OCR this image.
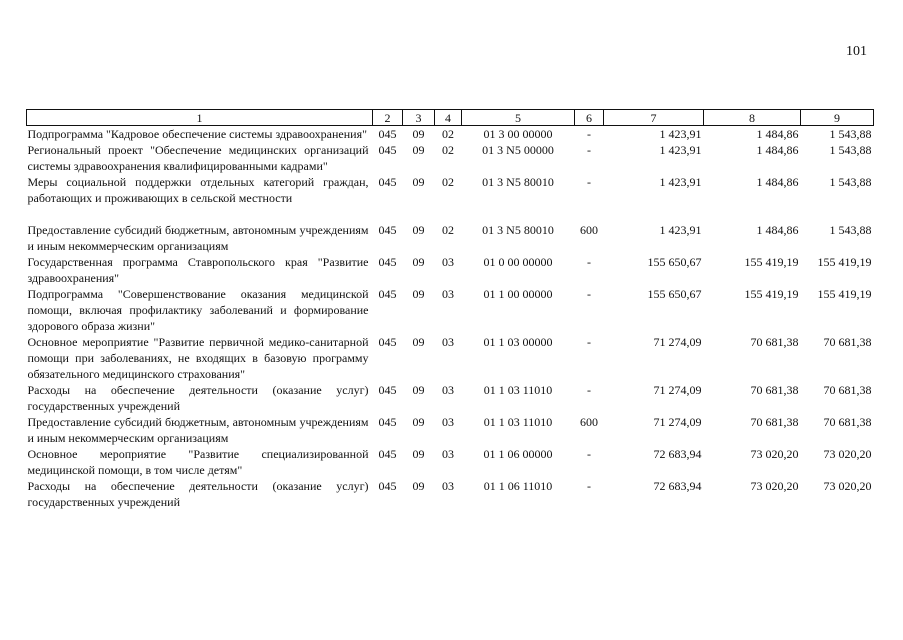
101
1	2	3	4	5	6	7	8	9
Подпрограмма "Кадровое обеспечение системы здравоохранения"	045	09	02	01 3 00 00000	-	1 423,91	1 484,86	1 543,88
Региональный проект "Обеспечение медицинских организаций системы здравоохранения квалифицированными кадрами"	045	09	02	01 3 N5 00000	-	1 423,91	1 484,86	1 543,88
Меры социальной поддержки отдельных категорий граждан, работающих и проживающих в сельской местности	045	09	02	01 3 N5 80010	-	1 423,91	1 484,86	1 543,88
Предоставление субсидий бюджетным, автономным учреждениям и иным некоммерческим организациям	045	09	02	01 3 N5 80010	600	1 423,91	1 484,86	1 543,88
Государственная программа Ставропольского края "Развитие здравоохранения"	045	09	03	01 0 00 00000	-	155 650,67	155 419,19	155 419,19
Подпрограмма "Совершенствование оказания медицинской помощи, включая профилактику заболеваний и формирование здорового образа жизни"	045	09	03	01 1 00 00000	-	155 650,67	155 419,19	155 419,19
Основное мероприятие "Развитие первичной медико-санитарной помощи при заболеваниях, не входящих в базовую программу обязательного медицинского страхования"	045	09	03	01 1 03 00000	-	71 274,09	70 681,38	70 681,38
Расходы на обеспечение деятельности (оказание услуг) государственных учреждений	045	09	03	01 1 03 11010	-	71 274,09	70 681,38	70 681,38
Предоставление субсидий бюджетным, автономным учреждениям и иным некоммерческим организациям	045	09	03	01 1 03 11010	600	71 274,09	70 681,38	70 681,38
Основное мероприятие "Развитие специализированной медицинской помощи, в том числе детям"	045	09	03	01 1 06 00000	-	72 683,94	73 020,20	73 020,20
Расходы на обеспечение деятельности (оказание услуг) государственных учреждений	045	09	03	01 1 06 11010	-	72 683,94	73 020,20	73 020,20
